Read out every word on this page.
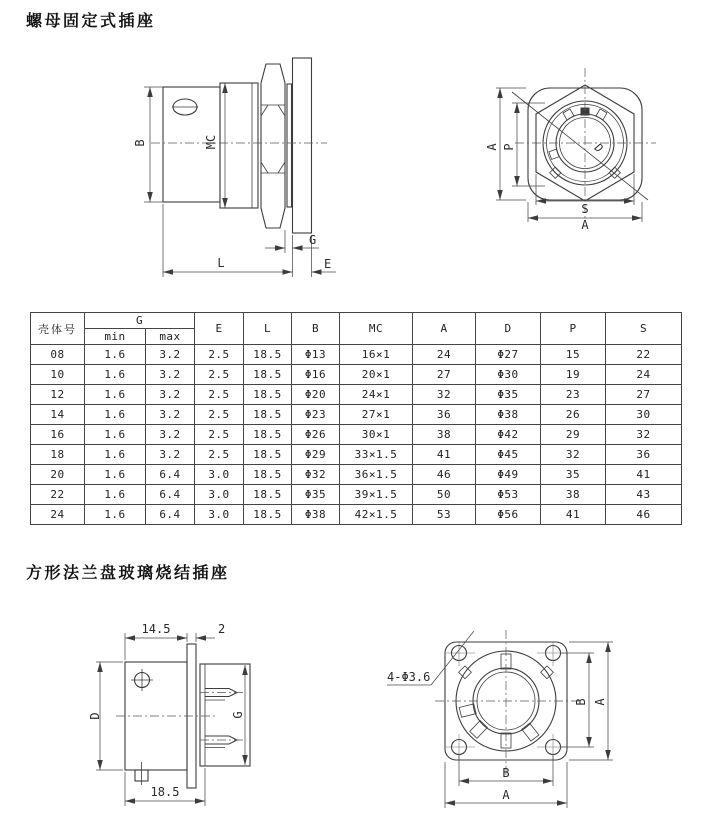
螺母固定式插座
B	MC
G
L	E
A P	D
S
A
壳体号	G		E	L	B	MC	A	D	P	S
	min	max								
08	1.6	3.2	2.5	18.5	Φ13	16×1	24	Φ27	15	22
10	1.6	3.2	2.5	18.5	Φ16	20×1	27	Φ30	19	24
12	1.6	3.2	2.5	18.5	Φ20	24×1	32	Φ35	23	27
14	1.6	3.2	2.5	18.5	Φ23	27×1	36	Φ38	26	30
16	1.6	3.2	2.5	18.5	Φ26	30×1	38	Φ42	29	32
18	1.6	3.2	2.5	18.5	Φ29	33×1.5	41	Φ45	32	36
20	1.6	6.4	3.0	18.5	Φ32	36×1.5	46	Φ49	35	41
22	1.6	6.4	3.0	18.5	Φ35	39×1.5	50	Φ53	38	43
24	1.6	6.4	3.0	18.5	Φ38	42×1.5	53	Φ56	41	46
方形法兰盘玻璃烧结插座
14.5	2
D	G
18.5
4-Φ3.6
B A
B
A
